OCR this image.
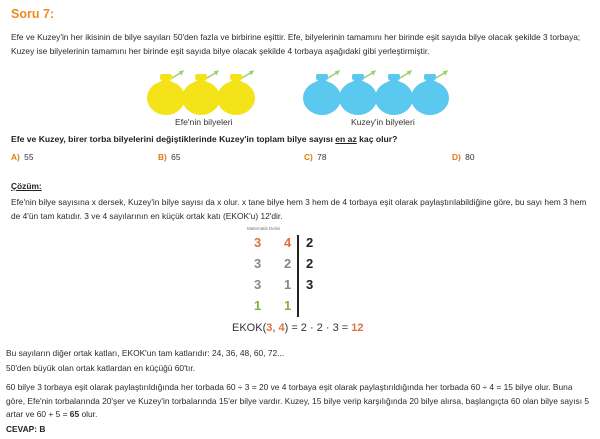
Soru 7:
Efe ve Kuzey'in her ikisinin de bilye sayıları 50'den fazla ve birbirine eşittir. Efe, bilyelerinin tamamını her birinde eşit sayıda bilye olacak şekilde 3 torbaya; Kuzey ise bilyelerinin tamamını her birinde eşit sayıda bilye olacak şekilde 4 torbaya aşağıdaki gibi yerleştirmiştir.
Efe'nin bilyeleri	Kuzey'in bilyeleri
Efe ve Kuzey, birer torba bilyelerini değiştiklerinde Kuzey'in toplam bilye sayısı en az kaç olur?
A) 55	B) 65	C) 78	D) 80
Çözüm:
Efe'nin bilye sayısına x dersek, Kuzey'in bilye sayısı da x olur. x tane bilye hem 3 hem de 4 torbaya eşit olarak paylaştırılabildiğine göre, bu sayı hem 3 hem de 4'ün tam katıdır. 3 ve 4 sayılarının en küçük ortak katı (EKOK'u) 12'dir.
Matematik Delisi
3 4 2
3 2 2
3 1 3
1 1
EKOK(3, 4) = 2 · 2 · 3 = 12
Bu sayıların diğer ortak katları, EKOK'un tam katlarıdır: 24, 36, 48, 60, 72...
50'den büyük olan ortak katlardan en küçüğü 60'tır.
60 bilye 3 torbaya eşit olarak paylaştırıldığında her torbada 60 ÷ 3 = 20 ve 4 torbaya eşit olarak paylaştırıldığında her torbada 60 ÷ 4 = 15 bilye olur. Buna göre, Efe'nin torbalarında 20'şer ve Kuzey'in torbalarında 15'er bilye vardır. Kuzey, 15 bilye verip karşılığında 20 bilye alırsa, başlangıçta 60 olan bilye sayısı 5 artar ve 60 + 5 = 65 olur.
CEVAP: B
